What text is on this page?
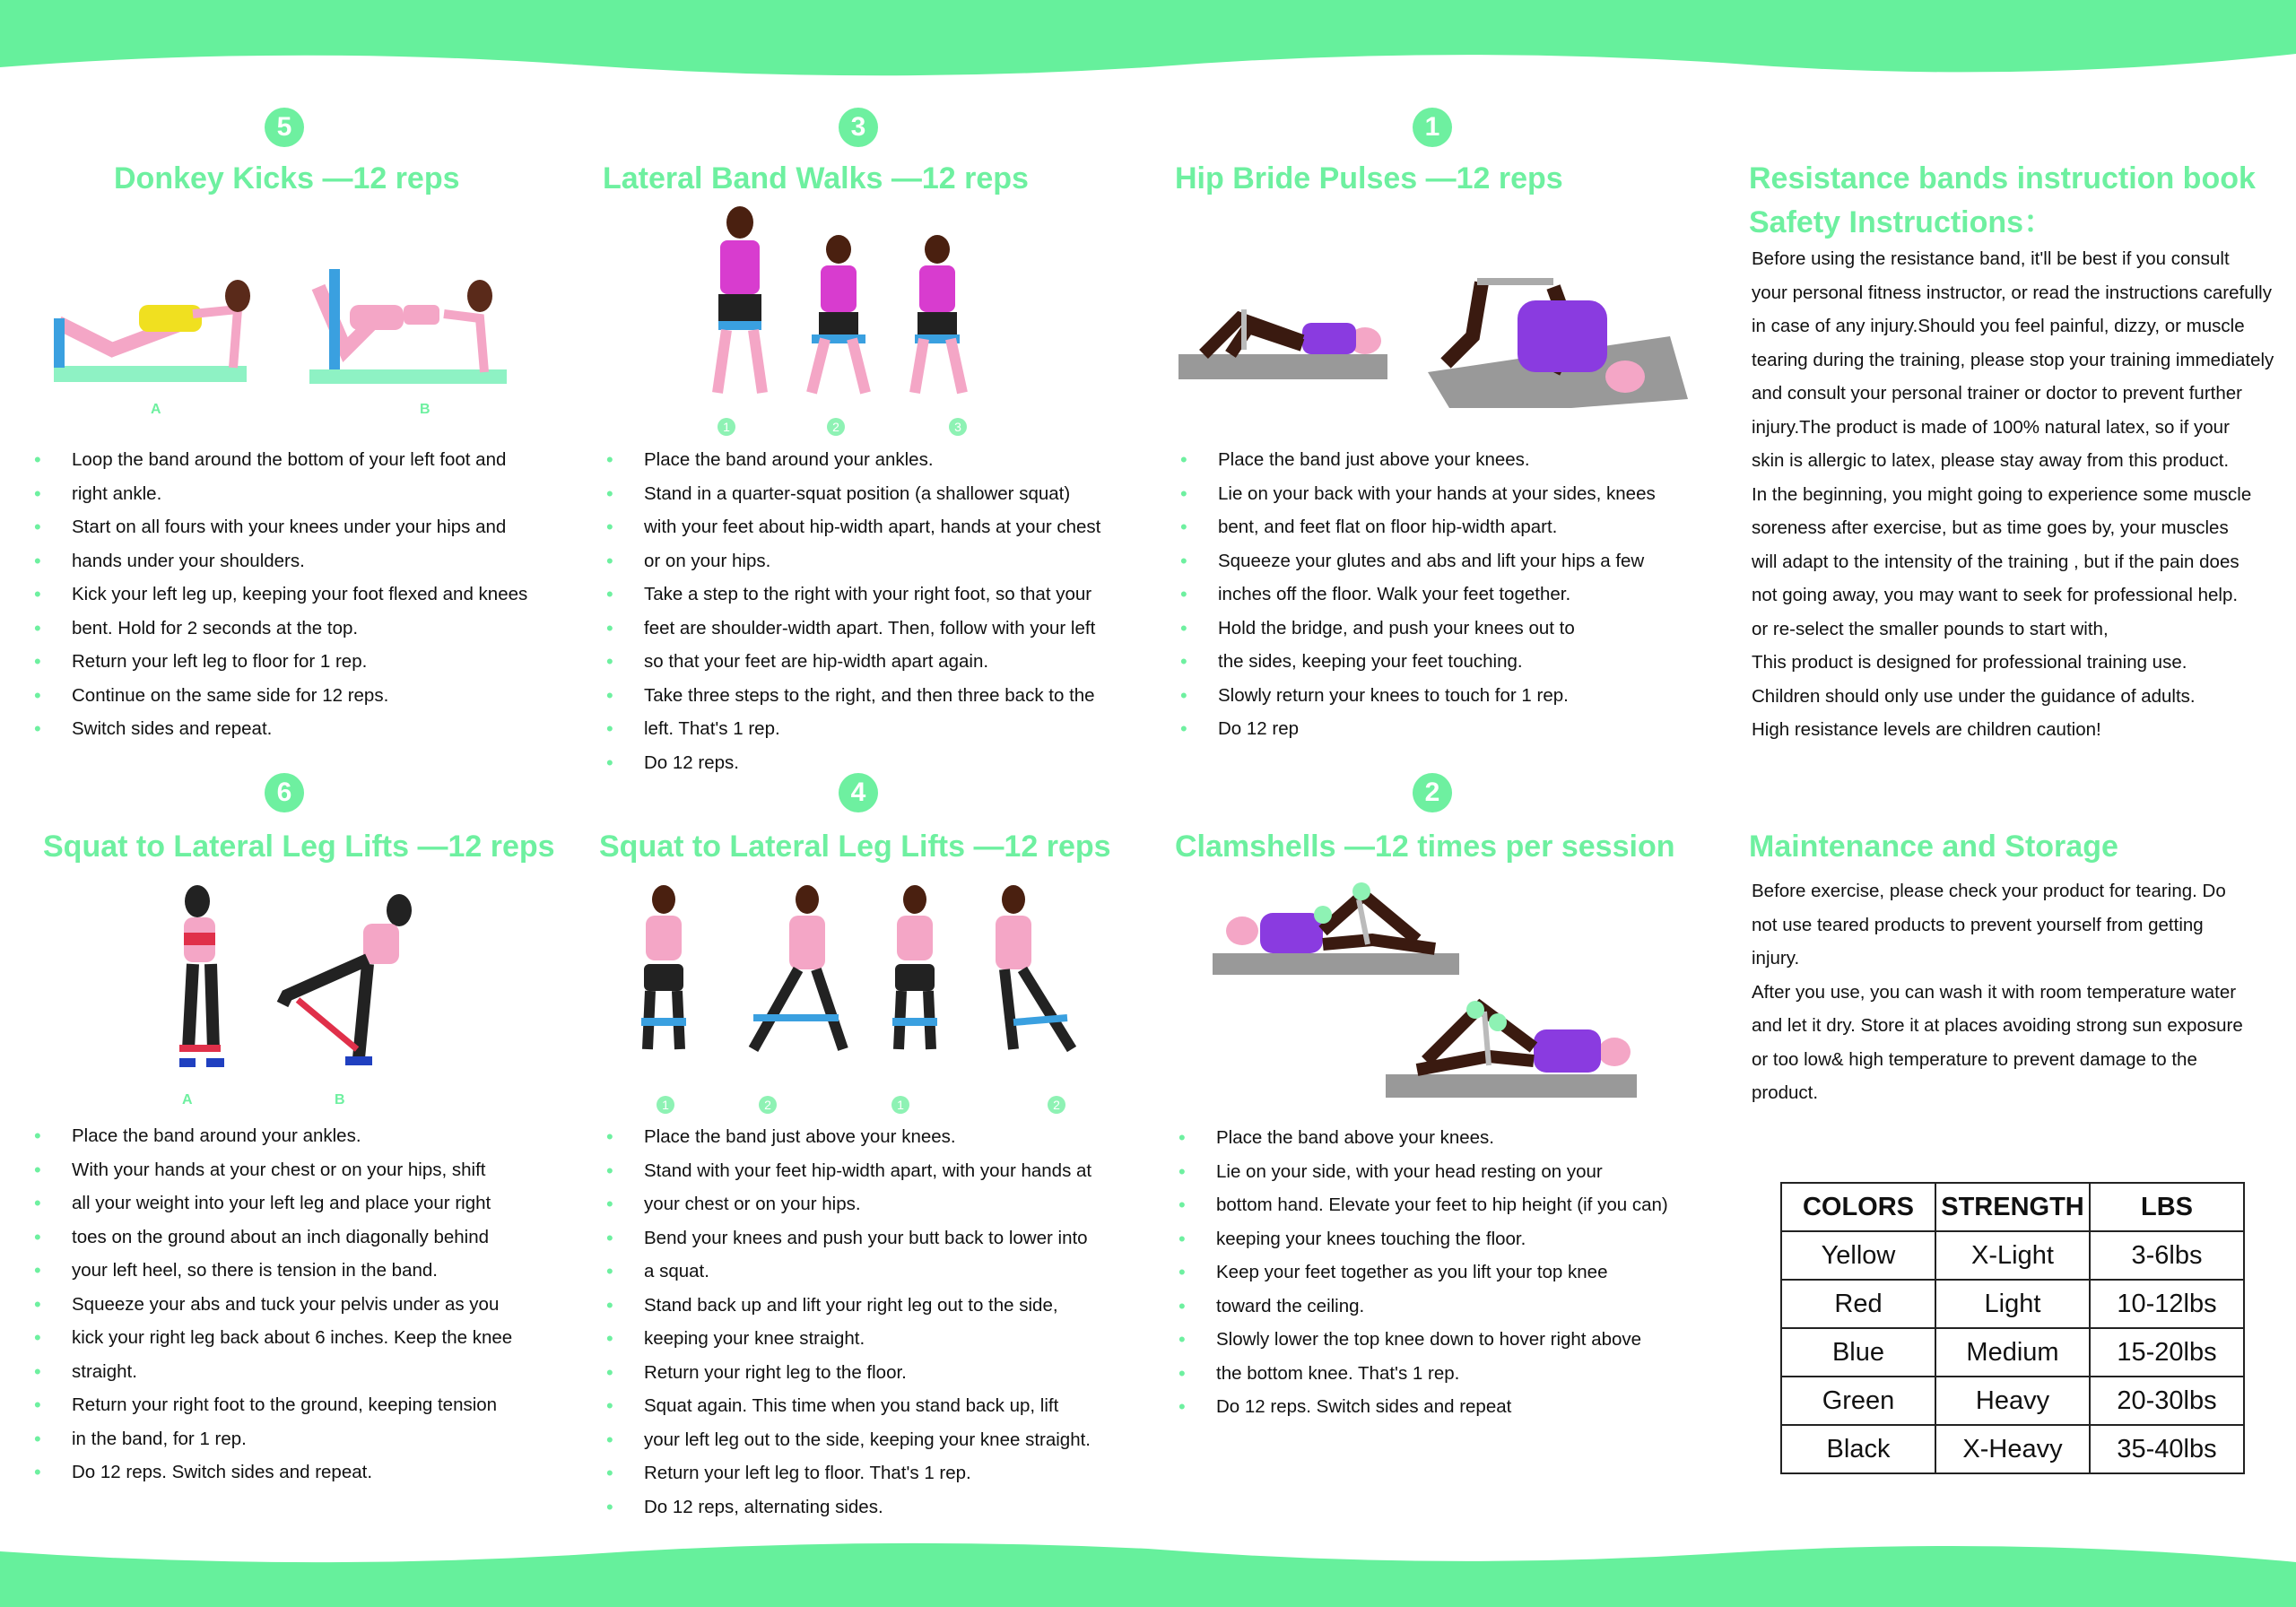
5
Donkey Kicks —12 reps
A	B
• Loop the band around the bottom of your left foot and
• right ankle.
• Start on all fours with your knees under your hips and
• hands under your shoulders.
• Kick your left leg up, keeping your foot flexed and knees
• bent. Hold for 2 seconds at the top.
• Return your left leg to floor for 1 rep.
• Continue on the same side for 12 reps.
• Switch sides and repeat.
3
Lateral Band Walks —12 reps
1	2	3
• Place the band around your ankles.
• Stand in a quarter-squat position (a shallower squat)
• with your feet about hip-width apart, hands at your chest
• or on your hips.
• Take a step to the right with your right foot, so that your
• feet are shoulder-width apart. Then, follow with your left
• so that your feet are hip-width apart again.
• Take three steps to the right, and then three back to the
• left. That's 1 rep.
• Do 12 reps.
1
Hip Bride Pulses —12 reps
• Place the band just above your knees.
• Lie on your back with your hands at your sides, knees
• bent, and feet flat on floor hip-width apart.
• Squeeze your glutes and abs and lift your hips a few
• inches off the floor. Walk your feet together.
• Hold the bridge, and push your knees out to
• the sides, keeping your feet touching.
• Slowly return your knees to touch for 1 rep.
• Do 12 rep
Resistance bands instruction book
Safety Instructions：
Before using the resistance band, it'll be best if you consult
your personal fitness instructor, or read the instructions carefully
in case of any injury.Should you feel painful, dizzy, or muscle
tearing during the training, please stop your training immediately
and consult your personal trainer or doctor to prevent further
injury.The product is made of 100% natural latex, so if your
skin is allergic to latex, please stay away from this product.
In the beginning, you might going to experience some muscle
soreness after exercise, but as time goes by, your muscles
will adapt to the intensity of the training , but if the pain does
not going away, you may want to seek for professional help.
or re-select the smaller pounds to start with,
This product is designed for professional training use.
Children should only use under the guidance of adults.
High resistance levels are children caution!
6
Squat to Lateral Leg Lifts —12 reps
A	B
• Place the band around your ankles.
• With your hands at your chest or on your hips, shift
• all your weight into your left leg and place your right
• toes on the ground about an inch diagonally behind
• your left heel, so there is tension in the band.
• Squeeze your abs and tuck your pelvis under as you
• kick your right leg back about 6 inches. Keep the knee
• straight.
• Return your right foot to the ground, keeping tension
• in the band, for 1 rep.
• Do 12 reps. Switch sides and repeat.
4
Squat to Lateral Leg Lifts —12 reps
1	2	1	2
• Place the band just above your knees.
• Stand with your feet hip-width apart, with your hands at
• your chest or on your hips.
• Bend your knees and push your butt back to lower into
• a squat.
• Stand back up and lift your right leg out to the side,
• keeping your knee straight.
• Return your right leg to the floor.
• Squat again. This time when you stand back up, lift
• your left leg out to the side, keeping your knee straight.
• Return your left leg to floor. That's 1 rep.
• Do 12 reps, alternating sides.
2
Clamshells —12 times per session
• Place the band above your knees.
• Lie on your side, with your head resting on your
• bottom hand. Elevate your feet to hip height (if you can)
• keeping your knees touching the floor.
• Keep your feet together as you lift your top knee
• toward the ceiling.
• Slowly lower the top knee down to hover right above
• the bottom knee. That's 1 rep.
• Do 12 reps. Switch sides and repeat
Maintenance and Storage
Before exercise, please check your product for tearing. Do
not use teared products to prevent yourself from getting
injury.
After you use, you can wash it with room temperature water
and let it dry. Store it at places avoiding strong sun exposure
or too low& high temperature to prevent damage to the
product.
COLORS	STRENGTH	LBS
Yellow	X-Light	3-6lbs
Red	Light	10-12lbs
Blue	Medium	15-20lbs
Green	Heavy	20-30lbs
Black	X-Heavy	35-40lbs
